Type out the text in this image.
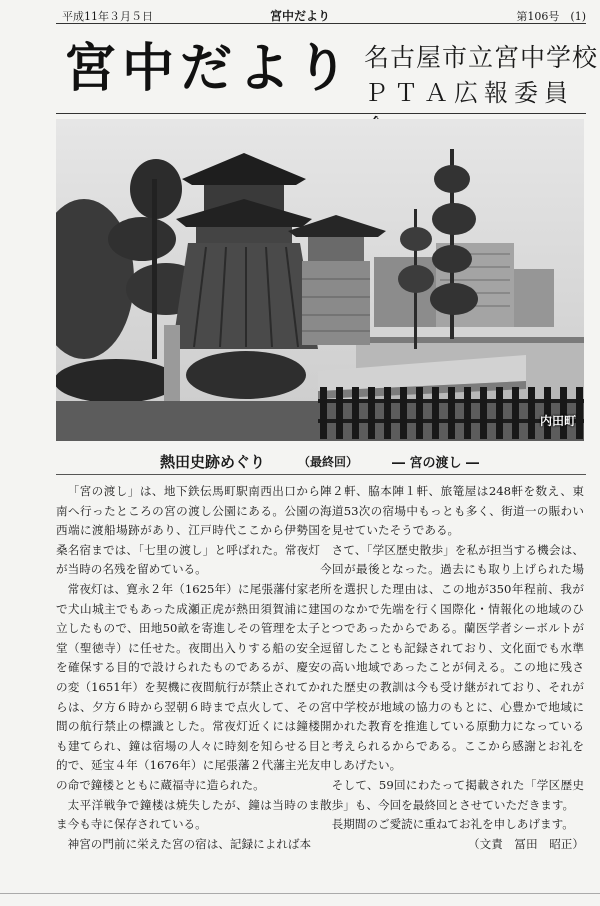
平成11年３月５日	宮中だより	第106号　(1)
宮中だより 名古屋市立宮中学校
ＰＴＡ広報委員
内田町
熱田史跡めぐり	（最終回）	― 宮の渡し ―

「宮の渡し」は、地下鉄伝馬町駅南西出口から南へ行ったところの宮の渡し公園にある。公園の西端に渡船場跡があり、江戸時代ここから伊勢国桑名宿までは、「七里の渡し」と呼ばれた。常夜灯が当時の名残を留めている。

常夜灯は、寛永２年（1625年）に尾張藩付家老で犬山城主でもあった成瀬正虎が熱田須賀浦に建立したもので、田地50畝を寄進しその管理を太子堂（聖徳寺）に任せた。夜間出入りする船の安全を確保する目的で設けられたものであるが、慶安の変（1651年）を契機に夜間航行が禁止されてからは、夕方６時から翌朝６時まで点火して、その間の航行禁止の標識とした。常夜灯近くには鐘楼も建てられ、鐘は宿場の人々に時刻を知らせる目的で、延宝４年（1676年）に尾張藩２代藩主光友の命で鐘楼とともに蔵福寺に造られた。

太平洋戦争で鐘楼は焼失したが、鐘は当時のまま今も寺に保存されている。

神宮の門前に栄えた宮の宿は、記録によれば本

陣２軒、脇本陣１軒、旅篭屋は248軒を数え、東海道53次の宿場中もっとも多く、街道一の賑わいを見せていたそうである。

さて、「学区歴史散歩」を私が担当する機会は、今回が最後となった。過去にも取り上げられた場所を選択した理由は、この地が350年程前、我が国のなかで先端を行く国際化・情報化の地域のひとつであったからである。蘭医学者シーボルトが逗留したことも記録されており、文化面でも水準の高い地域であったことが伺える。この地に残された歴史の教訓は今も受け継がれており、それが宮中学校が地域の協力のもとに、心豊かで地域に開かれた教育を推進している原動力になっていると考えられるからである。ここから感謝とお礼を申しあげたい。

そして、59回にわたって掲載された「学区歴史散歩」も、今回を最終回とさせていただきます。

長期間のご愛読に重ねてお礼を申しあげます。

（文責　冨田　昭正）
